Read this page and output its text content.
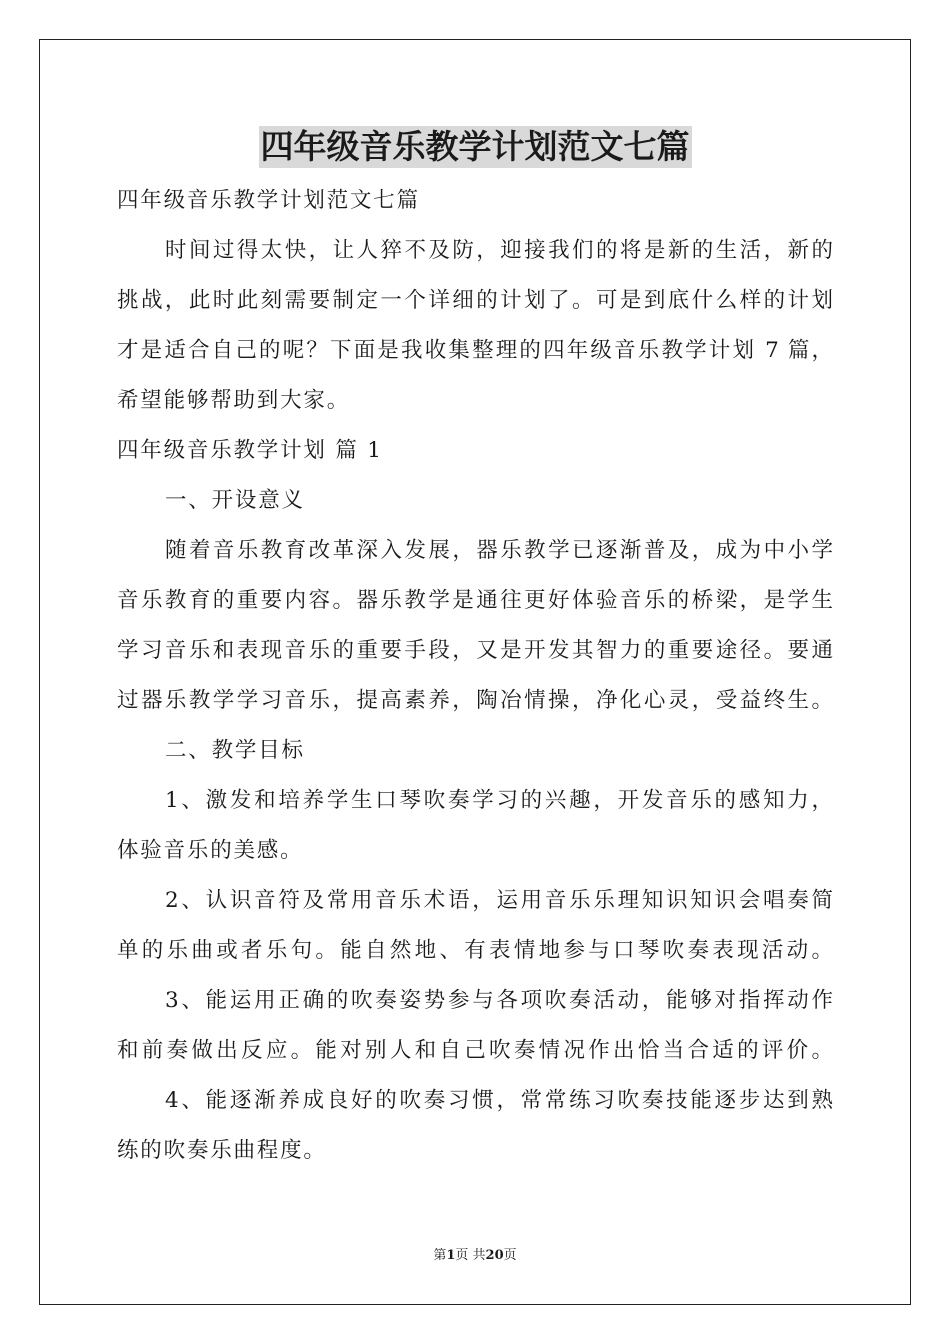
四年级音乐教学计划范文七篇

四年级音乐教学计划范文七篇

时间过得太快，让人猝不及防，迎接我们的将是新的生活，新的

挑战，此时此刻需要制定一个详细的计划了。可是到底什么样的计划

才是适合自己的呢？下面是我收集整理的四年级音乐教学计划 7 篇，

希望能够帮助到大家。

四年级音乐教学计划 篇 1

一、开设意义

随着音乐教育改革深入发展，器乐教学已逐渐普及，成为中小学

音乐教育的重要内容。器乐教学是通往更好体验音乐的桥梁，是学生

学习音乐和表现音乐的重要手段，又是开发其智力的重要途径。要通

过器乐教学学习音乐，提高素养，陶冶情操，净化心灵，受益终生。

二、教学目标

1、激发和培养学生口琴吹奏学习的兴趣，开发音乐的感知力，

体验音乐的美感。

2、认识音符及常用音乐术语，运用音乐乐理知识知识会唱奏简

单的乐曲或者乐句。能自然地、有表情地参与口琴吹奏表现活动。

3、能运用正确的吹奏姿势参与各项吹奏活动，能够对指挥动作

和前奏做出反应。能对别人和自己吹奏情况作出恰当合适的评价。

4、能逐渐养成良好的吹奏习惯，常常练习吹奏技能逐步达到熟

练的吹奏乐曲程度。

第1页 共20页
